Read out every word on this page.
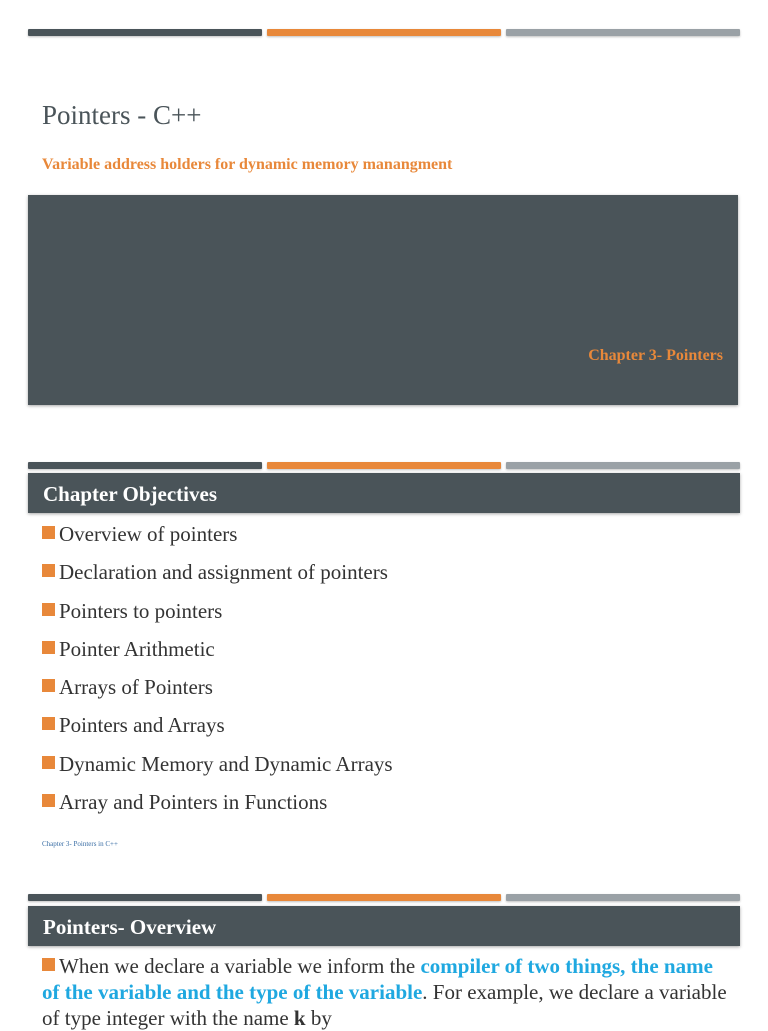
Pointers - C++
Variable address holders for dynamic memory manangment
Chapter 3- Pointers
Chapter Objectives
Overview of pointers
Declaration and assignment of pointers
Pointers to pointers
Pointer Arithmetic
Arrays of Pointers
Pointers and Arrays
Dynamic Memory and Dynamic Arrays
Array and Pointers in Functions
Chapter 3- Pointers in C++
Pointers- Overview
When we declare a variable we inform the compiler of two things, the name of the variable and the type of the variable. For example, we declare a variable of type integer with the name k by
